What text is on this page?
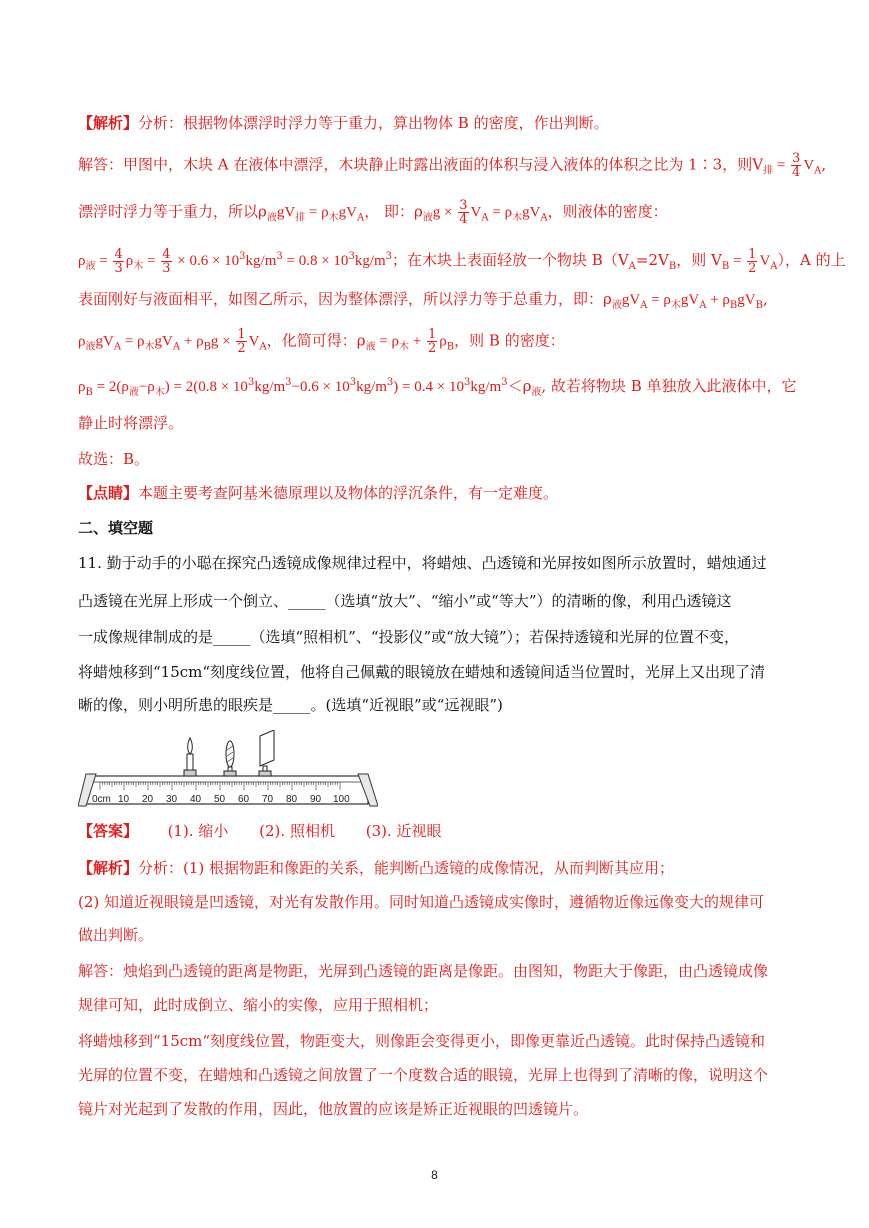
【解析】分析：根据物体漂浮时浮力等于重力，算出物体 B 的密度，作出判断。
解答：甲图中，木块 A 在液体中漂浮，木块静止时露出液面的体积与浸入液体的体积之比为 1∶3，则$V_排 = \frac{3}{4} V_A$,
漂浮时浮力等于重力，所以$\rho_液gV_排 = \rho_木gV_A$， 即：$\rho_液g \times \frac{3}{4} V_A = \rho_木gV_A$，则液体的密度：
$\rho_液 = \frac{4}{3} \rho_木 = \frac{4}{3} \times 0.6 \times 10^3kg/m^3 = 0.8 \times 10^3kg/m^3$；在木块上表面轻放一个物块 $B(V_A=2V_B$，则 $V_B = \frac{1}{2} V_A$），A 的上
表面刚好与液面相平，如图乙所示，因为整体漂浮，所以浮力等于总重力，即：$\rho_液gV_A = \rho_木gV_A + \rho_BgV_B$,
$\rho_液gV_A = \rho_木gV_A + \rho_Bg \times \frac{1}{2} V_A$，化简可得：$\rho_液 = \rho_木 + \frac{1}{2} \rho_B$，则 B 的密度：
$\rho_B = 2(\rho_液-\rho_木) = 2(0.8 \times 10^3kg/m^3-0.6 \times 10^3kg/m^3) = 0.4 \times 10^3kg/m^3<\rho_液$, 故若将物块 B 单独放入此液体中，它
静止时将漂浮。
故选：B。
【点睛】本题主要考查阿基米德原理以及物体的浮沉条件，有一定难度。
二、填空题
11. 勤于动手的小聪在探究凸透镜成像规律过程中，将蜡烛、凸透镜和光屏按如图所示放置时，蜡烛通过
凸透镜在光屏上形成一个倒立、_____（选填“放大”、“缩小”或“等大”）的清晰的像，利用凸透镜这
一成像规律制成的是_____（选填“照相机”、“投影仪”或“放大镜”）；若保持透镜和光屏的位置不变，
将蜡烛移到“15cm“刻度线位置，他将自己佩戴的眼镜放在蜡烛和透镜间适当位置时，光屏上又出现了清
晰的像，则小明所患的眼疾是_____。(选填“近视眼”或“远视眼”)
0cm 10 20 30 40 50 60 70 80 90 100
【答案】 (1). 缩小 (2). 照相机 (3). 近视眼
【解析】分析：(1) 根据物距和像距的关系，能判断凸透镜的成像情况，从而判断其应用；
(2) 知道近视眼镜是凹透镜，对光有发散作用。同时知道凸透镜成实像时，遵循物近像远像变大的规律可
做出判断。
解答：烛焰到凸透镜的距离是物距，光屏到凸透镜的距离是像距。由图知，物距大于像距，由凸透镜成像
规律可知，此时成倒立、缩小的实像，应用于照相机；
将蜡烛移到“15cm“刻度线位置，物距变大，则像距会变得更小，即像更靠近凸透镜。此时保持凸透镜和
光屏的位置不变，在蜡烛和凸透镜之间放置了一个度数合适的眼镜，光屏上也得到了清晰的像，说明这个
镜片对光起到了发散的作用，因此，他放置的应该是矫正近视眼的凹透镜片。
8
